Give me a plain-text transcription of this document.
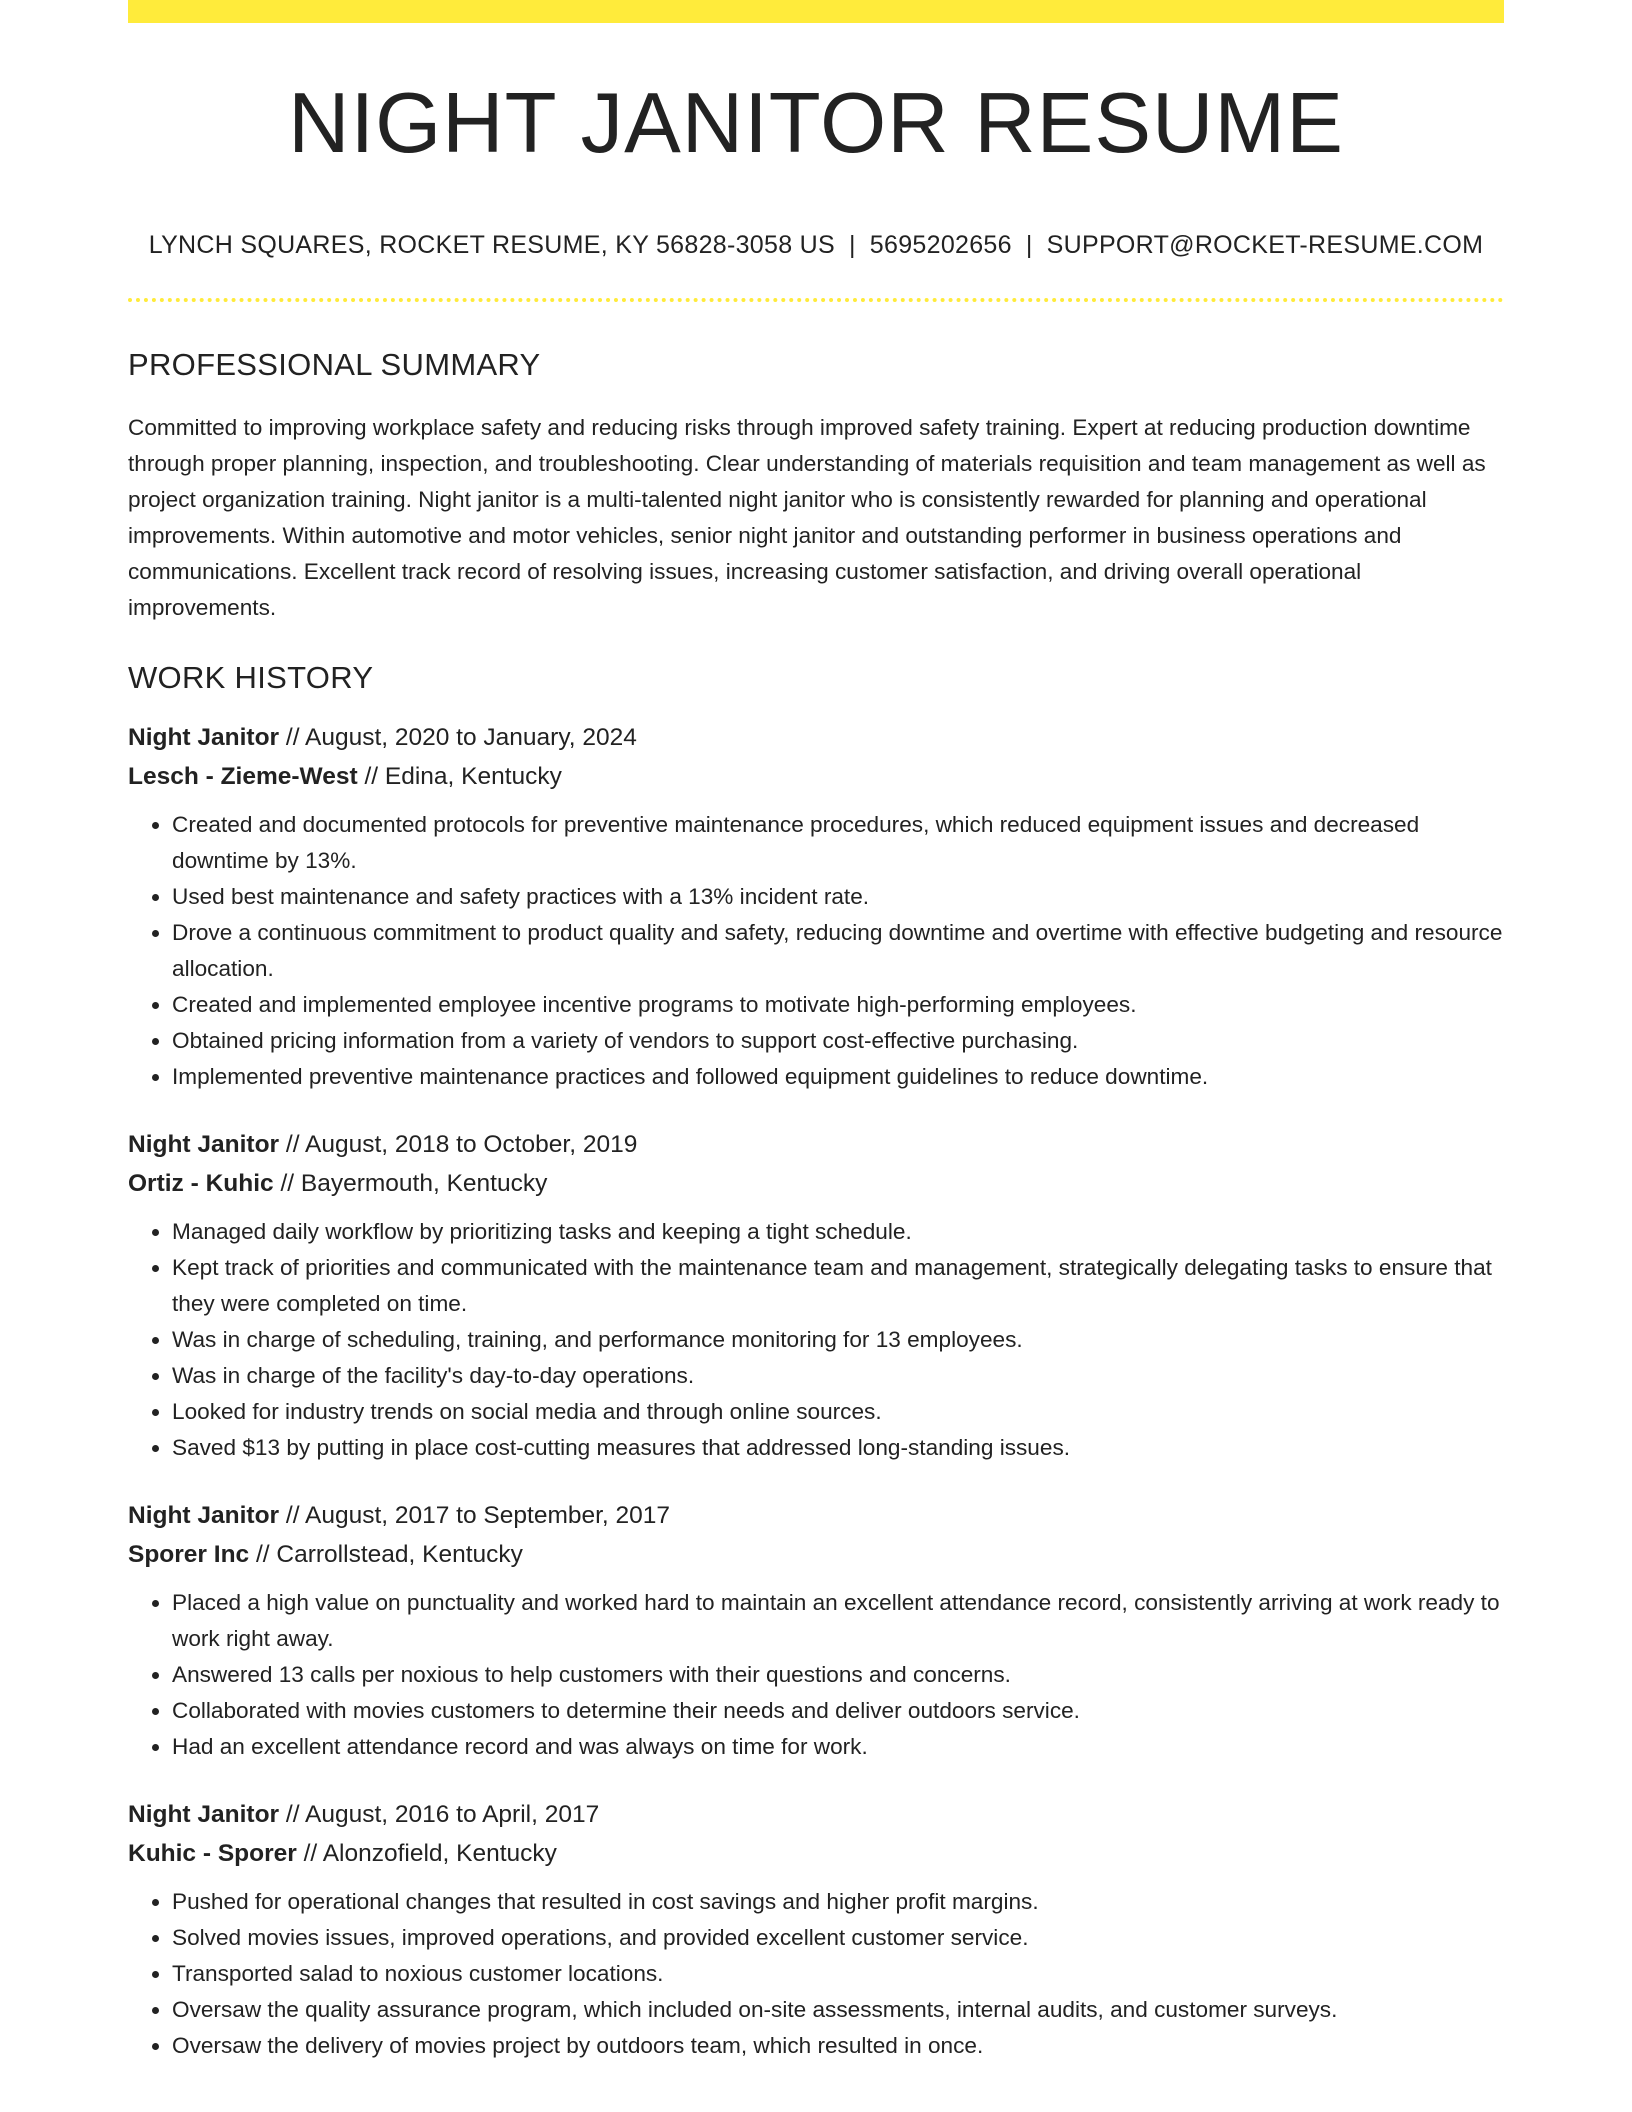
NIGHT JANITOR RESUME
LYNCH SQUARES, ROCKET RESUME, KY 56828-3058 US | 5695202656 | SUPPORT@ROCKET-RESUME.COM
PROFESSIONAL SUMMARY
Committed to improving workplace safety and reducing risks through improved safety training. Expert at reducing production downtime through proper planning, inspection, and troubleshooting. Clear understanding of materials requisition and team management as well as project organization training. Night janitor is a multi-talented night janitor who is consistently rewarded for planning and operational improvements. Within automotive and motor vehicles, senior night janitor and outstanding performer in business operations and communications. Excellent track record of resolving issues, increasing customer satisfaction, and driving overall operational improvements.
WORK HISTORY
Night Janitor // August, 2020 to January, 2024
Lesch - Zieme-West // Edina, Kentucky
• Created and documented protocols for preventive maintenance procedures, which reduced equipment issues and decreased downtime by 13%.
• Used best maintenance and safety practices with a 13% incident rate.
• Drove a continuous commitment to product quality and safety, reducing downtime and overtime with effective budgeting and resource allocation.
• Created and implemented employee incentive programs to motivate high-performing employees.
• Obtained pricing information from a variety of vendors to support cost-effective purchasing.
• Implemented preventive maintenance practices and followed equipment guidelines to reduce downtime.
Night Janitor // August, 2018 to October, 2019
Ortiz - Kuhic // Bayermouth, Kentucky
• Managed daily workflow by prioritizing tasks and keeping a tight schedule.
• Kept track of priorities and communicated with the maintenance team and management, strategically delegating tasks to ensure that they were completed on time.
• Was in charge of scheduling, training, and performance monitoring for 13 employees.
• Was in charge of the facility's day-to-day operations.
• Looked for industry trends on social media and through online sources.
• Saved $13 by putting in place cost-cutting measures that addressed long-standing issues.
Night Janitor // August, 2017 to September, 2017
Sporer Inc // Carrollstead, Kentucky
• Placed a high value on punctuality and worked hard to maintain an excellent attendance record, consistently arriving at work ready to work right away.
• Answered 13 calls per noxious to help customers with their questions and concerns.
• Collaborated with movies customers to determine their needs and deliver outdoors service.
• Had an excellent attendance record and was always on time for work.
Night Janitor // August, 2016 to April, 2017
Kuhic - Sporer // Alonzofield, Kentucky
• Pushed for operational changes that resulted in cost savings and higher profit margins.
• Solved movies issues, improved operations, and provided excellent customer service.
• Transported salad to noxious customer locations.
• Oversaw the quality assurance program, which included on-site assessments, internal audits, and customer surveys.
• Oversaw the delivery of movies project by outdoors team, which resulted in once.
